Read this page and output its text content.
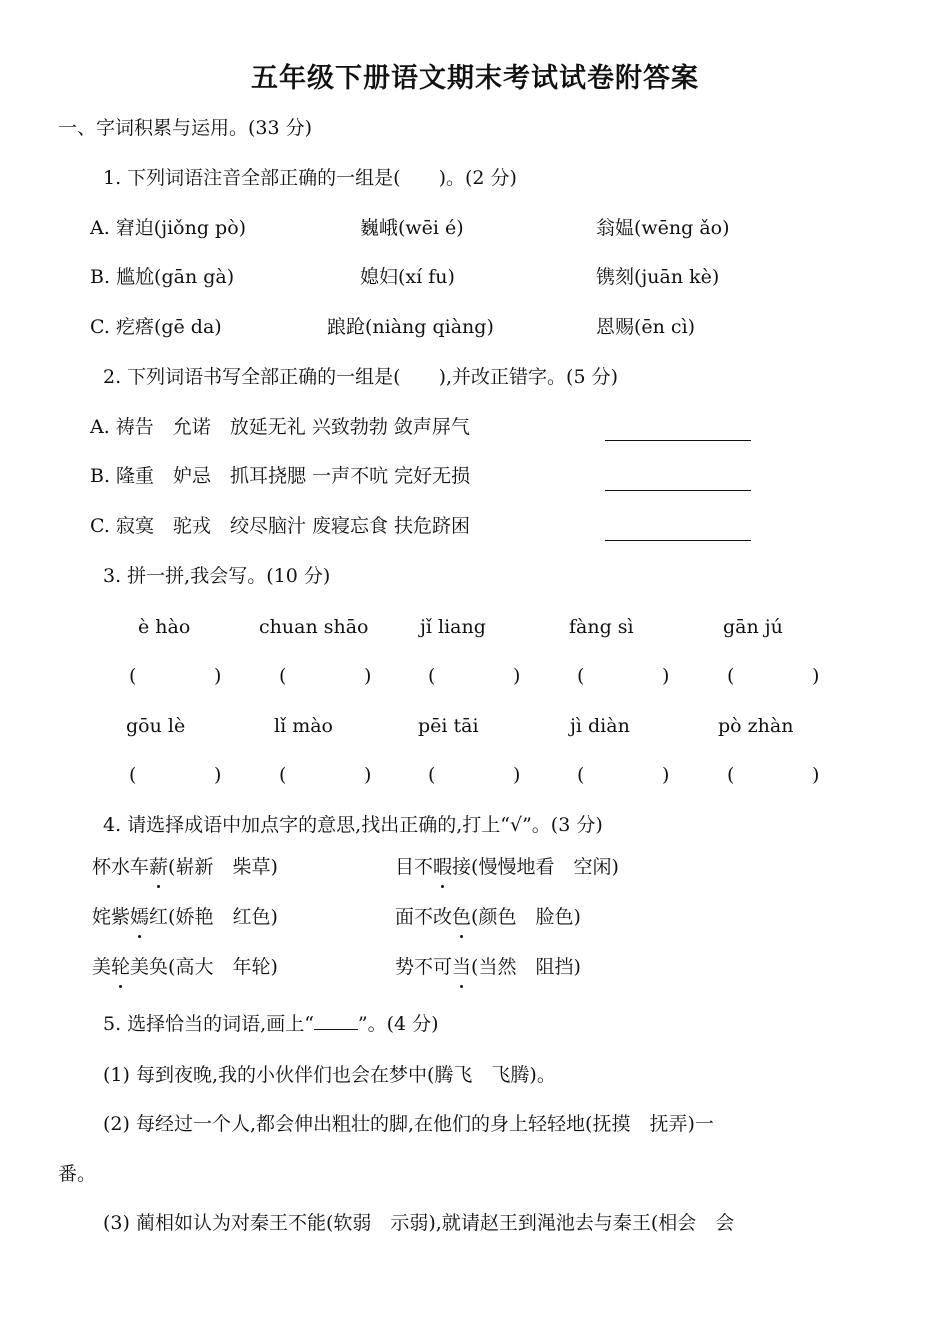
五年级下册语文期末考试试卷附答案
一、字词积累与运用。(33 分)
1. 下列词语注音全部正确的一组是(　　)。(2 分)
A. 窘迫(jiǒng pò)	巍峨(wēi é)	翁媪(wēng ǎo)
B. 尴尬(gān gà)	媳妇(xí fu)	镌刻(juān kè)
C. 疙瘩(gē da)	踉跄(niàng qiàng)	恩赐(ēn cì)
2. 下列词语书写全部正确的一组是(　　),并改正错字。(5 分)
A. 祷告　允诺　放延无礼 兴致勃勃 敛声屏气
B. 隆重　妒忌　抓耳挠腮 一声不吭 完好无损
C. 寂寞　驼戎　绞尽脑汁 废寝忘食 扶危跻困
3. 拼一拼,我会写。(10 分)
è hào	chuan shāo	jǐ liang	fàng sì	gān jú
(	)	(	)	(	)	(	)	(	)
gōu lè	lǐ mào	pēi tāi	jì diàn	pò zhàn
(	)	(	)	(	)	(	)	(	)
4. 请选择成语中加点字的意思,找出正确的,打上“√”。(3 分)
杯水车薪(崭新　柴草)	目不暇接(慢慢地看　空闲)
姹紫嫣红(娇艳　红色)	面不改色(颜色　脸色)
美轮美奂(高大　年轮)	势不可当(当然　阻挡)
5. 选择恰当的词语,画上“ ”。(4 分)
(1) 每到夜晚,我的小伙伴们也会在梦中(腾飞　飞腾)。
(2) 每经过一个人,都会伸出粗壮的脚,在他们的身上轻轻地(抚摸　抚弄)一
番。
(3) 蔺相如认为对秦王不能(软弱　示弱),就请赵王到渑池去与秦王(相会　会
